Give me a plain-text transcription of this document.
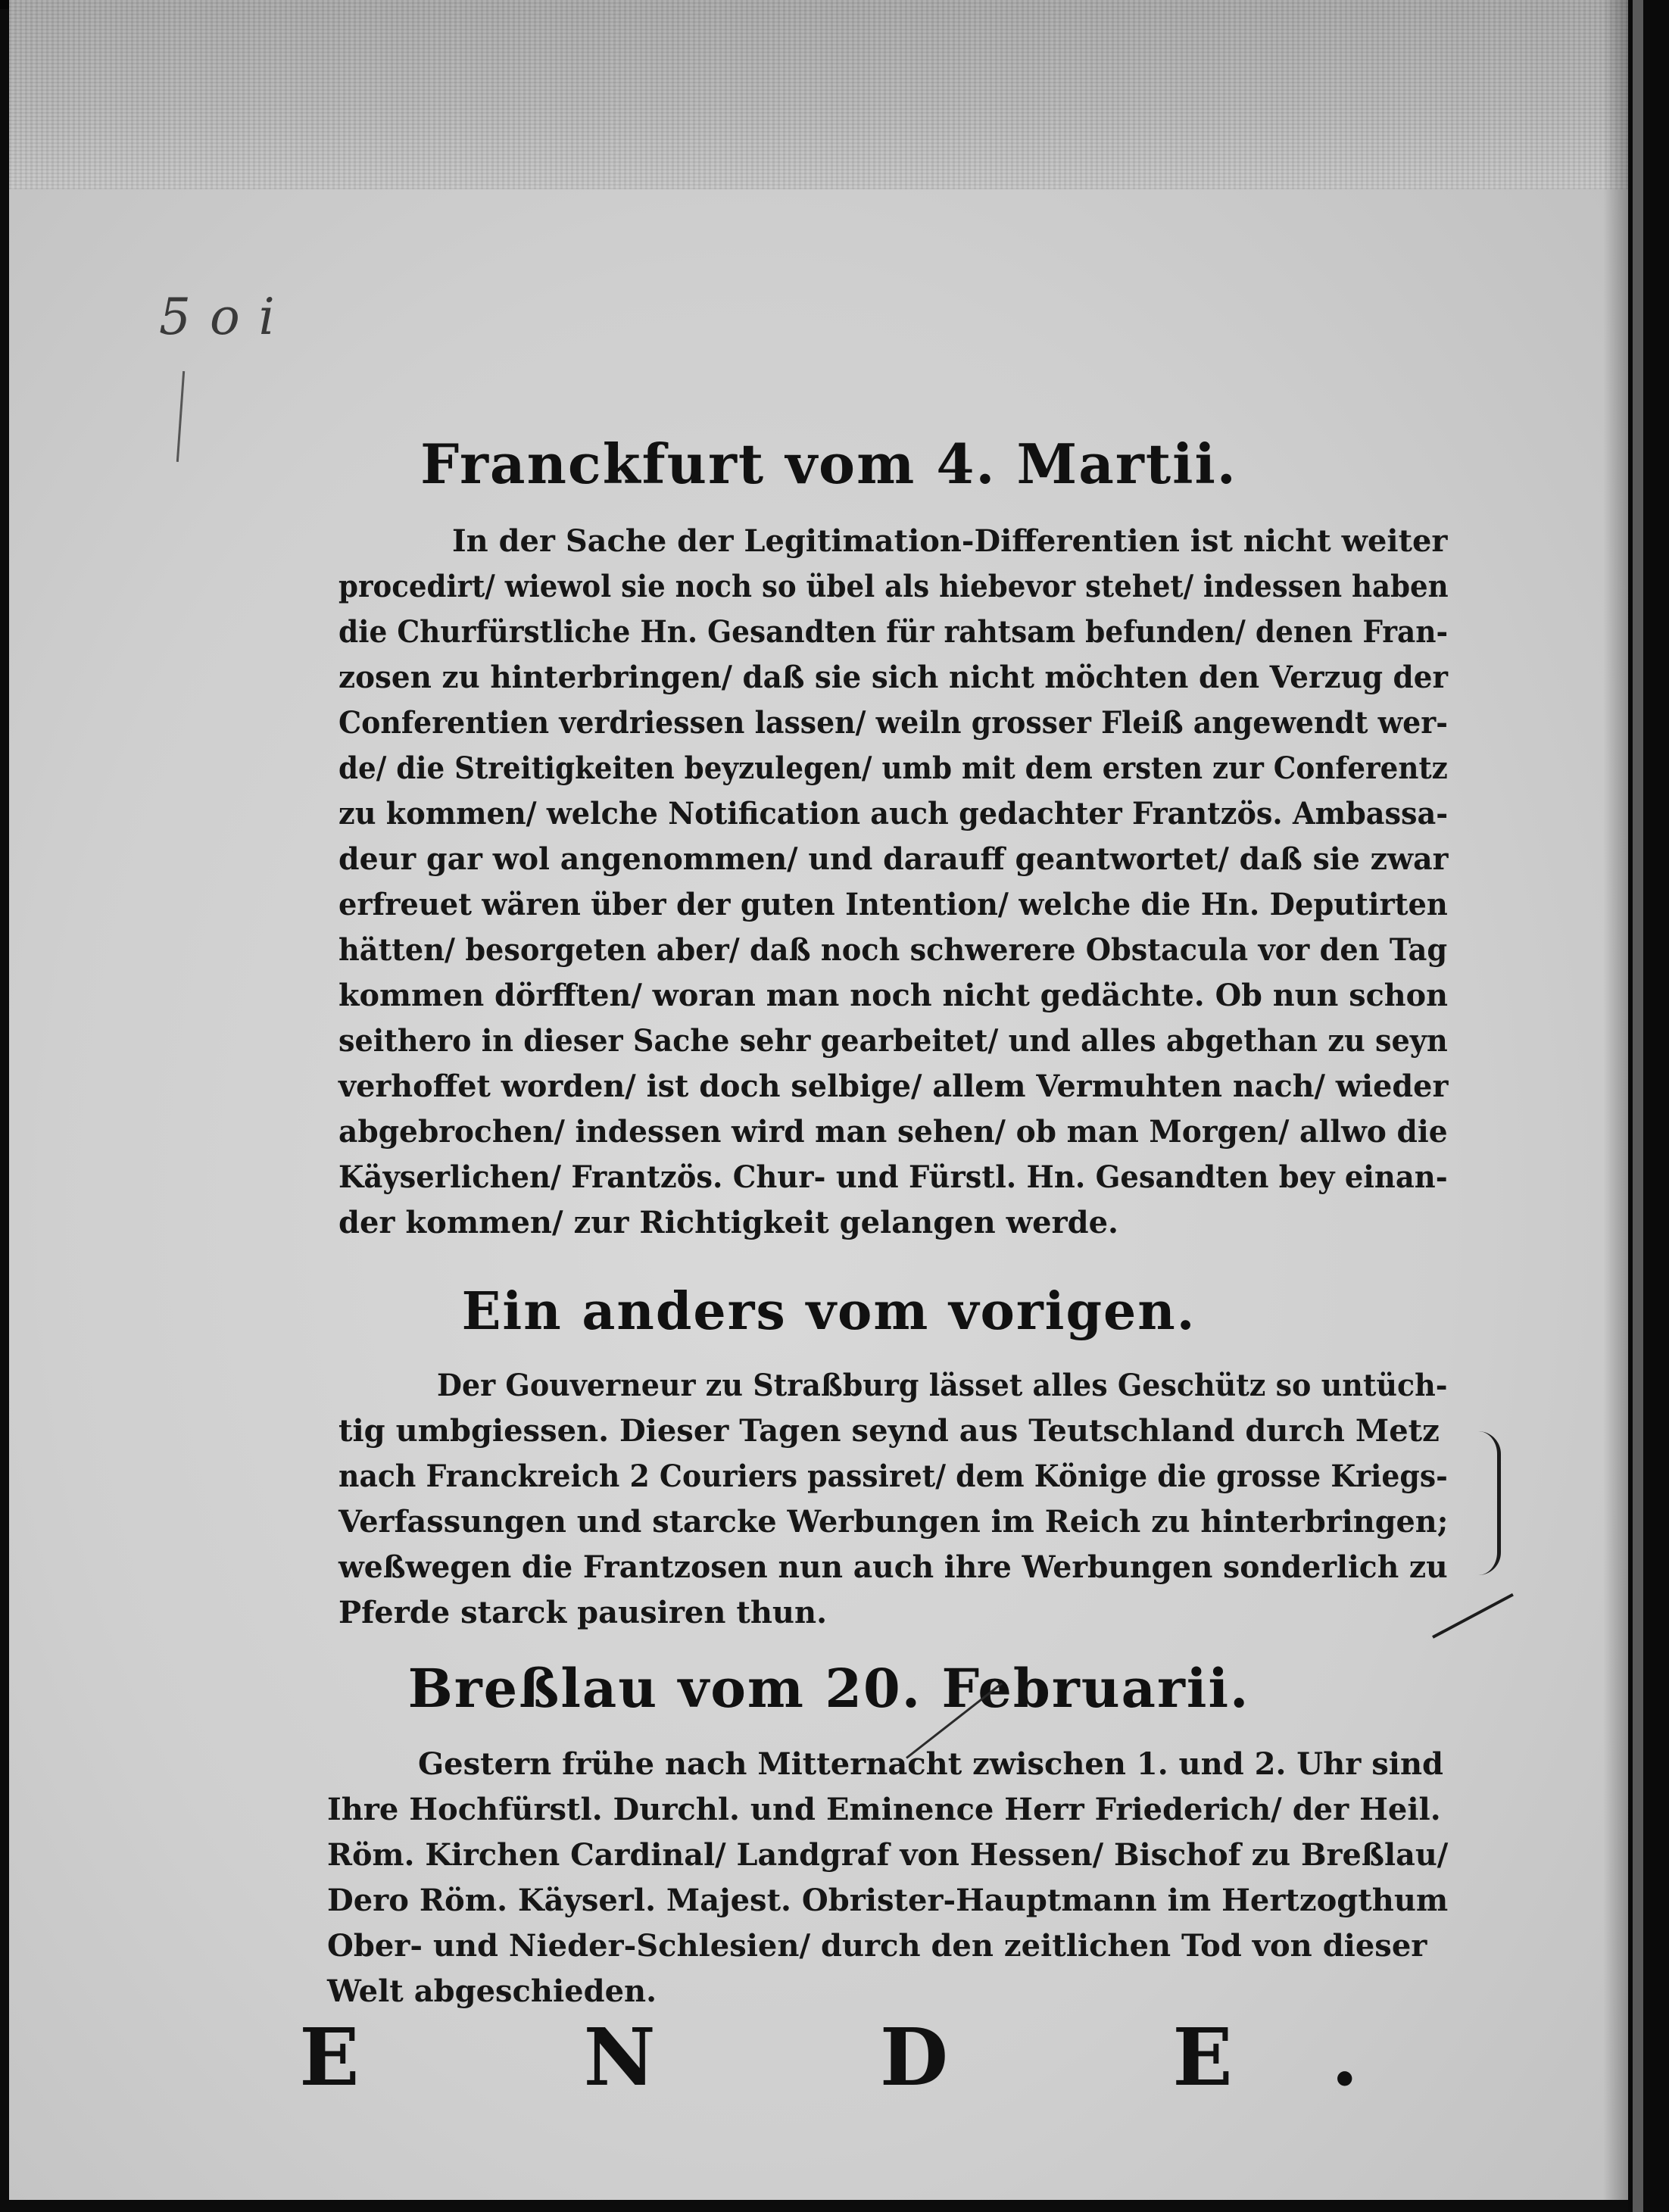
5 o i
Franckfurt vom 4. Martii.
In der Sache der Legitimation-Differentien ist nicht weiter
procedirt/ wiewol sie noch so übel als hiebevor stehet/ indessen haben
die Churfürstliche Hn. Gesandten für rahtsam befunden/ denen Fran-
zosen zu hinterbringen/ daß sie sich nicht möchten den Verzug der
Conferentien verdriessen lassen/ weiln grosser Fleiß angewendt wer-
de/ die Streitigkeiten beyzulegen/ umb mit dem ersten zur Conferentz
zu kommen/ welche Notification auch gedachter Frantzös. Ambassa-
deur gar wol angenommen/ und darauff geantwortet/ daß sie zwar
erfreuet wären über der guten Intention/ welche die Hn. Deputirten
hätten/ besorgeten aber/ daß noch schwerere Obstacula vor den Tag
kommen dörfften/ woran man noch nicht gedächte. Ob nun schon
seithero in dieser Sache sehr gearbeitet/ und alles abgethan zu seyn
verhoffet worden/ ist doch selbige/ allem Vermuhten nach/ wieder
abgebrochen/ indessen wird man sehen/ ob man Morgen/ allwo die
Käyserlichen/ Frantzös. Chur- und Fürstl. Hn. Gesandten bey einan-
der kommen/ zur Richtigkeit gelangen werde.
Ein anders vom vorigen.
Der Gouverneur zu Straßburg lässet alles Geschütz so untüch-
tig umbgiessen. Dieser Tagen seynd aus Teutschland durch Metz
nach Franckreich 2 Couriers passiret/ dem Könige die grosse Kriegs-
Verfassungen und starcke Werbungen im Reich zu hinterbringen;
weßwegen die Frantzosen nun auch ihre Werbungen sonderlich zu
Pferde starck pausiren thun.
Breßlau vom 20. Februarii.
Gestern frühe nach Mitternacht zwischen 1. und 2. Uhr sind
Ihre Hochfürstl. Durchl. und Eminence Herr Friederich/ der Heil.
Röm. Kirchen Cardinal/ Landgraf von Hessen/ Bischof zu Breßlau/
Dero Röm. Käyserl. Majest. Obrister-Hauptmann im Hertzogthum
Ober- und Nieder-Schlesien/ durch den zeitlichen Tod von dieser
Welt abgeschieden.
E N D E.
